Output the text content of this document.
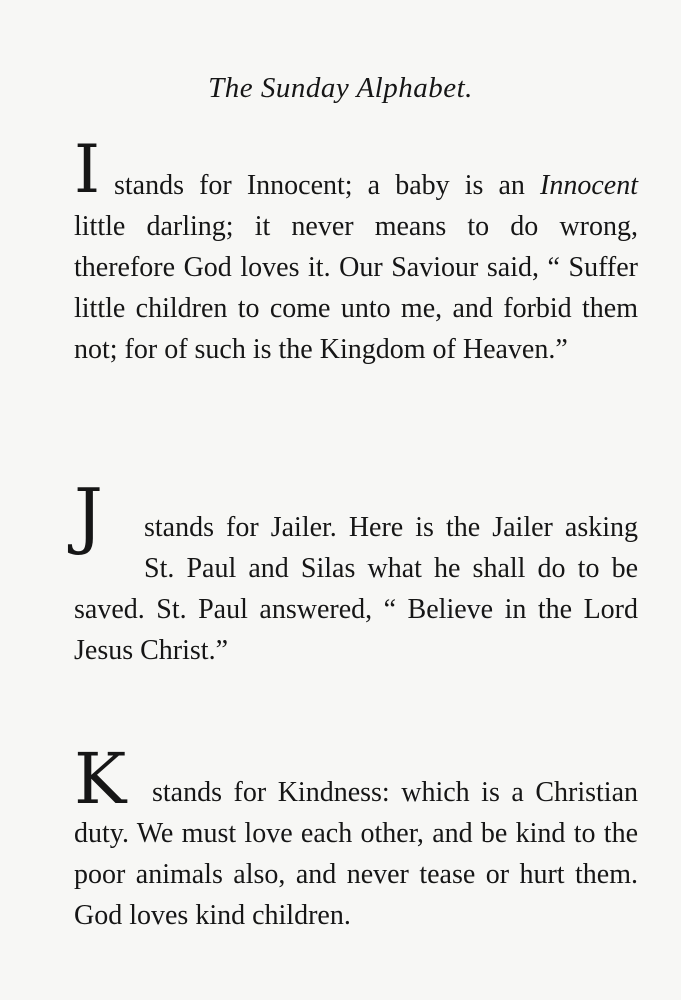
The Sunday Alphabet.

I stands for Innocent; a baby is an Innocent little darling; it never means to do wrong, therefore God loves it. Our Saviour said, “ Suffer little children to come unto me, and forbid them not; for of such is the Kingdom of Heaven.”

J	stands for Jailer. Here is the Jailer asking St. Paul and Silas what he shall do to be saved. St. Paul answered, “ Believe in the Lord Jesus Christ.”

K stands for Kindness: which is a Christian duty. We must love each other, and be kind to the poor animals also, and never tease or hurt them. God loves kind children.
